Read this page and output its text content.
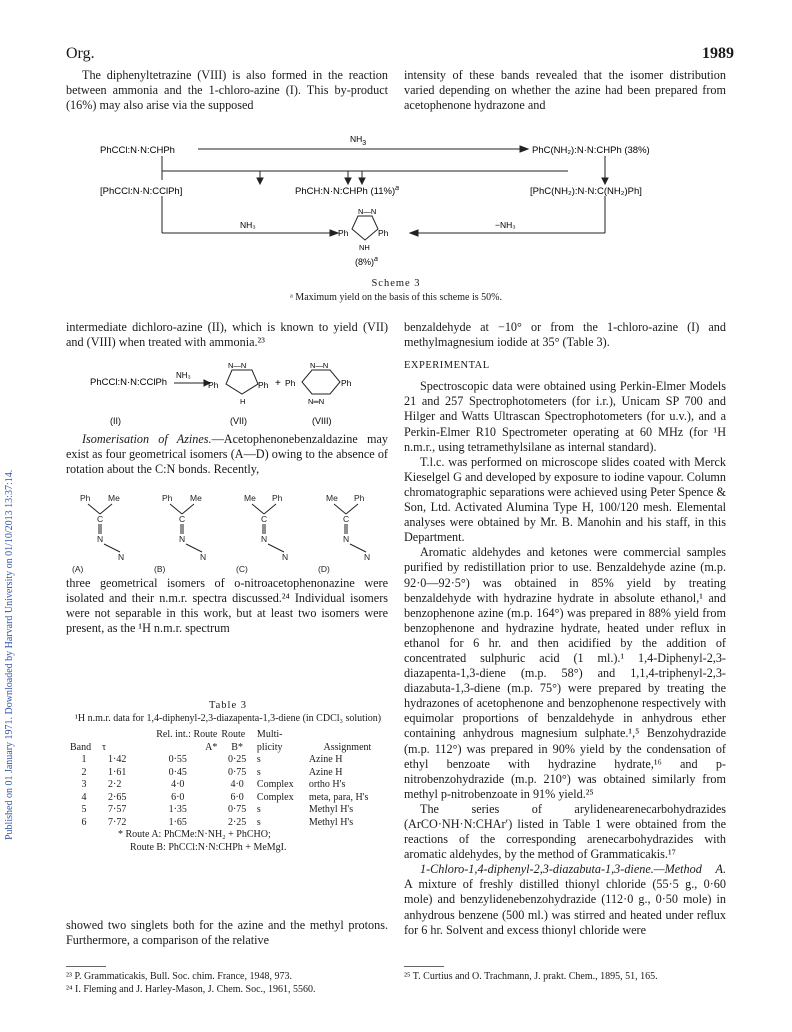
Org.	1989
Published on 01 January 1971. Downloaded by Harvard University on 01/10/2013 13:37:14.

The diphenyltetrazine (VIII) is also formed in the reaction between ammonia and the 1-chloro-azine (I). This by-product (16%) may also arise via the supposed

intensity of these bands revealed that the isomer distribution varied depending on whether the azine had been prepared from acetophenone hydrazone and

PhCCl:N·N:CHPh
$NH_3$
PhC(NH₂):N·N:CHPh (38%)
[PhCCl:N·N:CClPh]	PhCH:N·N:CHPh $(11\%)^a$	[PhC(NH₂):N·N:C(NH₂)Ph]
NH₃	−NH₃
Ph	Ph
N—N
NH
$(8\%)^a$
Scheme 3
ᵃ Maximum yield on the basis of this scheme is 50%.

intermediate dichloro-azine (II), which is known to yield (VII) and (VIII) when treated with ammonia.²³

PhCCl:N·N:CClPh
NH₃
N—N
Ph	Ph
H
+ Ph	Ph
N—N
N═N
(II)	(VII)	(VIII)

Isomerisation of Azines.—Acetophenonebenzaldazine may exist as four geometrical isomers (A—D) owing to the absence of rotation about the C:N bonds. Recently,

Ph Me
C
N
N
(A)
Ph Me
C
N
N
(B)
Me Ph
C
N
N
(C)
Me Ph
C
N
N
(D)

three geometrical isomers of o-nitroacetophenonazine were isolated and their n.m.r. spectra discussed.²⁴ Individual isomers were not separable in this work, but at least two isomers were present, as the ¹H n.m.r. spectrum

Table 3
¹H n.m.r. data for 1,4-diphenyl-2,3-diazapenta-1,3-diene (in CDCl₃ solution)
		Rel. int.: Route	Route	Multi-	
Band	τ	A*	B*	plicity	Assignment
1	1·42	0·55	0·25	s	Azine H
2	1·61	0·45	0·75	s	Azine H
3	2·2	4·0	4·0	Complex	ortho H's
4	2·65	6·0	6·0	Complex	meta, para, H's
5	7·57	1·35	0·75	s	Methyl H's
6	7·72	1·65	2·25	s	Methyl H's
* Route A: PhCMe:N·NH₂ + PhCHO;
Route B: PhCCl:N·N:CHPh + MeMgI.

showed two singlets both for the azine and the methyl protons. Furthermore, a comparison of the relative

benzaldehyde at −10° or from the 1-chloro-azine (I) and methylmagnesium iodide at 35° (Table 3).

EXPERIMENTAL

Spectroscopic data were obtained using Perkin-Elmer Models 21 and 257 Spectrophotometers (for i.r.), Unicam SP 700 and Hilger and Watts Ultrascan Spectrophotometers (for u.v.), and a Perkin-Elmer R10 Spectrometer operating at 60 MHz (for ¹H n.m.r., using tetramethylsilane as internal standard).

T.l.c. was performed on microscope slides coated with Merck Kieselgel G and developed by exposure to iodine vapour. Column chromatographic separations were achieved using Peter Spence & Son, Ltd. Activated Alumina Type H, 100/120 mesh. Elemental analyses were obtained by Mr. B. Manohin and his staff, in this Department.

Aromatic aldehydes and ketones were commercial samples purified by redistillation prior to use. Benzaldehyde azine (m.p. 92·0—92·5°) was obtained in 85% yield by treating benzaldehyde with hydrazine hydrate in absolute ethanol,¹ and benzophenone azine (m.p. 164°) was prepared in 88% yield from benzophenone and hydrazine hydrate, heated under reflux in ethanol for 6 hr. and then acidified by the addition of concentrated sulphuric acid (1 ml.).¹ 1,4-Diphenyl-2,3-diazapenta-1,3-diene (m.p. 58°) and 1,1,4-triphenyl-2,3-diazabuta-1,3-diene (m.p. 75°) were prepared by treating the hydrazones of acetophenone and benzophenone respectively with equimolar proportions of benzaldehyde in anhydrous ether containing anhydrous magnesium sulphate.¹,⁵ Benzohydrazide (m.p. 112°) was prepared in 90% yield by the condensation of ethyl benzoate with hydrazine hydrate,¹⁶ and p-nitrobenzohydrazide (m.p. 210°) was obtained similarly from methyl p-nitrobenzoate in 91% yield.²⁵

The series of arylidenearenecarbohydrazides (ArCO·NH·N:CHAr′) listed in Table 1 were obtained from the reactions of the corresponding arenecarbohydrazides with aromatic aldehydes, by the method of Grammaticakis.¹⁷

1-Chloro-1,4-diphenyl-2,3-diazabuta-1,3-diene.—Method A. A mixture of freshly distilled thionyl chloride (55·5 g., 0·60 mole) and benzylidenebenzohydrazide (112·0 g., 0·50 mole) in anhydrous benzene (500 ml.) was stirred and heated under reflux for 6 hr. Solvent and excess thionyl chloride were

²³ P. Grammaticakis, Bull. Soc. chim. France, 1948, 973.
²⁴ I. Fleming and J. Harley-Mason, J. Chem. Soc., 1961, 5560.
²⁵ T. Curtius and O. Trachmann, J. prakt. Chem., 1895, 51, 165.
